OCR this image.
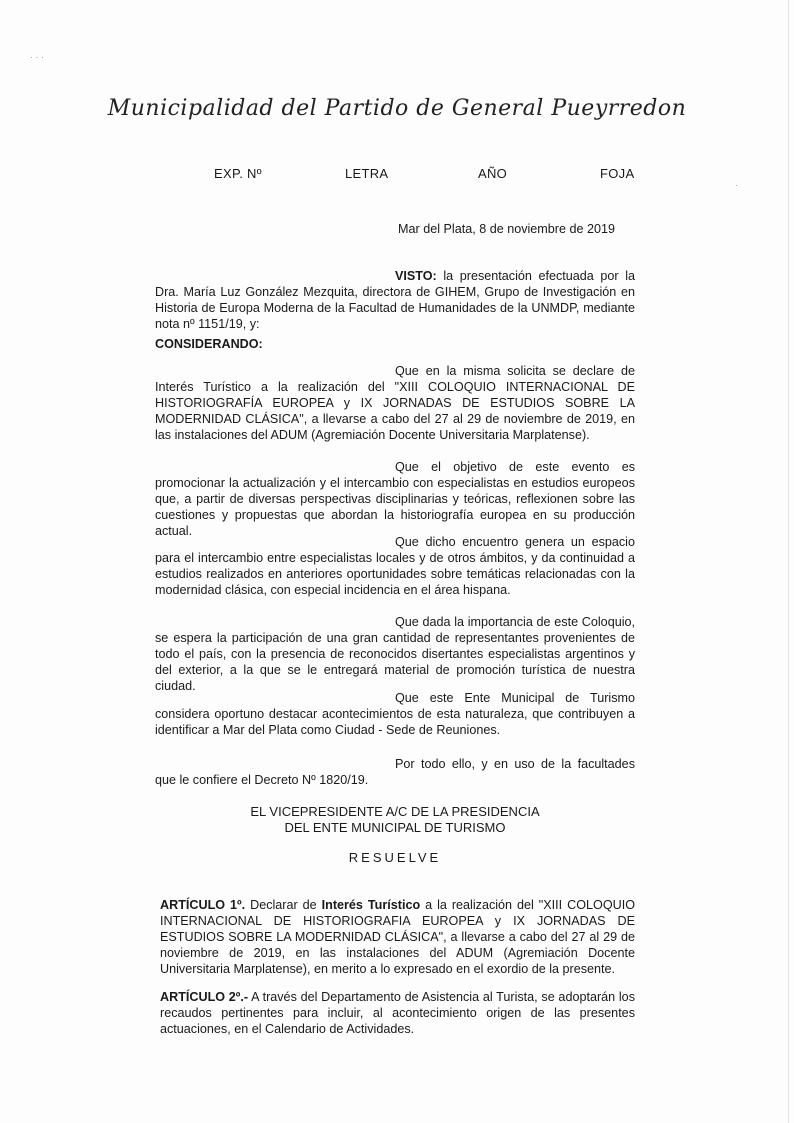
· · ·
·
Municipalidad del Partido de General Pueyrredon
EXP. Nº	LETRA	AÑO	FOJA
Mar del Plata, 8 de noviembre de 2019
VISTO: la presentación efectuada por la Dra. María Luz González Mezquita, directora de GIHEM, Grupo de Investigación en Historia de Europa Moderna de la Facultad de Humanidades de la UNMDP, mediante nota nº 1151/19, y:
CONSIDERANDO:
Que en la misma solicita se declare de Interés Turístico a la realización del "XIII COLOQUIO INTERNACIONAL DE HISTORIOGRAFÍA EUROPEA y IX JORNADAS DE ESTUDIOS SOBRE LA MODERNIDAD CLÁSICA", a llevarse a cabo del 27 al 29 de noviembre de 2019, en las instalaciones del ADUM (Agremiación Docente Universitaria Marplatense).
Que el objetivo de este evento es promocionar la actualización y el intercambio con especialistas en estudios europeos que, a partir de diversas perspectivas disciplinarias y teóricas, reflexionen sobre las cuestiones y propuestas que abordan la historiografía europea en su producción actual.
Que dicho encuentro genera un espacio para el intercambio entre especialistas locales y de otros ámbitos, y da continuidad a estudios realizados en anteriores oportunidades sobre temáticas relacionadas con la modernidad clásica, con especial incidencia en el área hispana.
Que dada la importancia de este Coloquio, se espera la participación de una gran cantidad de representantes provenientes de todo el país, con la presencia de reconocidos disertantes especialistas argentinos y del exterior, a la que se le entregará material de promoción turística de nuestra ciudad.
Que este Ente Municipal de Turismo considera oportuno destacar acontecimientos de esta naturaleza, que contribuyen a identificar a Mar del Plata como Ciudad - Sede de Reuniones.
Por todo ello, y en uso de la facultades que le confiere el Decreto Nº 1820/19.
EL VICEPRESIDENTE A/C DE LA PRESIDENCIA
DEL ENTE MUNICIPAL DE TURISMO
RESUELVE
ARTÍCULO 1º. Declarar de Interés Turístico a la realización del "XIII COLOQUIO INTERNACIONAL DE HISTORIOGRAFIA EUROPEA y IX JORNADAS DE ESTUDIOS SOBRE LA MODERNIDAD CLÁSICA", a llevarse a cabo del 27 al 29 de noviembre de 2019, en las instalaciones del ADUM (Agremiación Docente Universitaria Marplatense), en merito a lo expresado en el exordio de la presente.
ARTÍCULO 2º.- A través del Departamento de Asistencia al Turista, se adoptarán los recaudos pertinentes para incluir, al acontecimiento origen de las presentes actuaciones, en el Calendario de Actividades.
